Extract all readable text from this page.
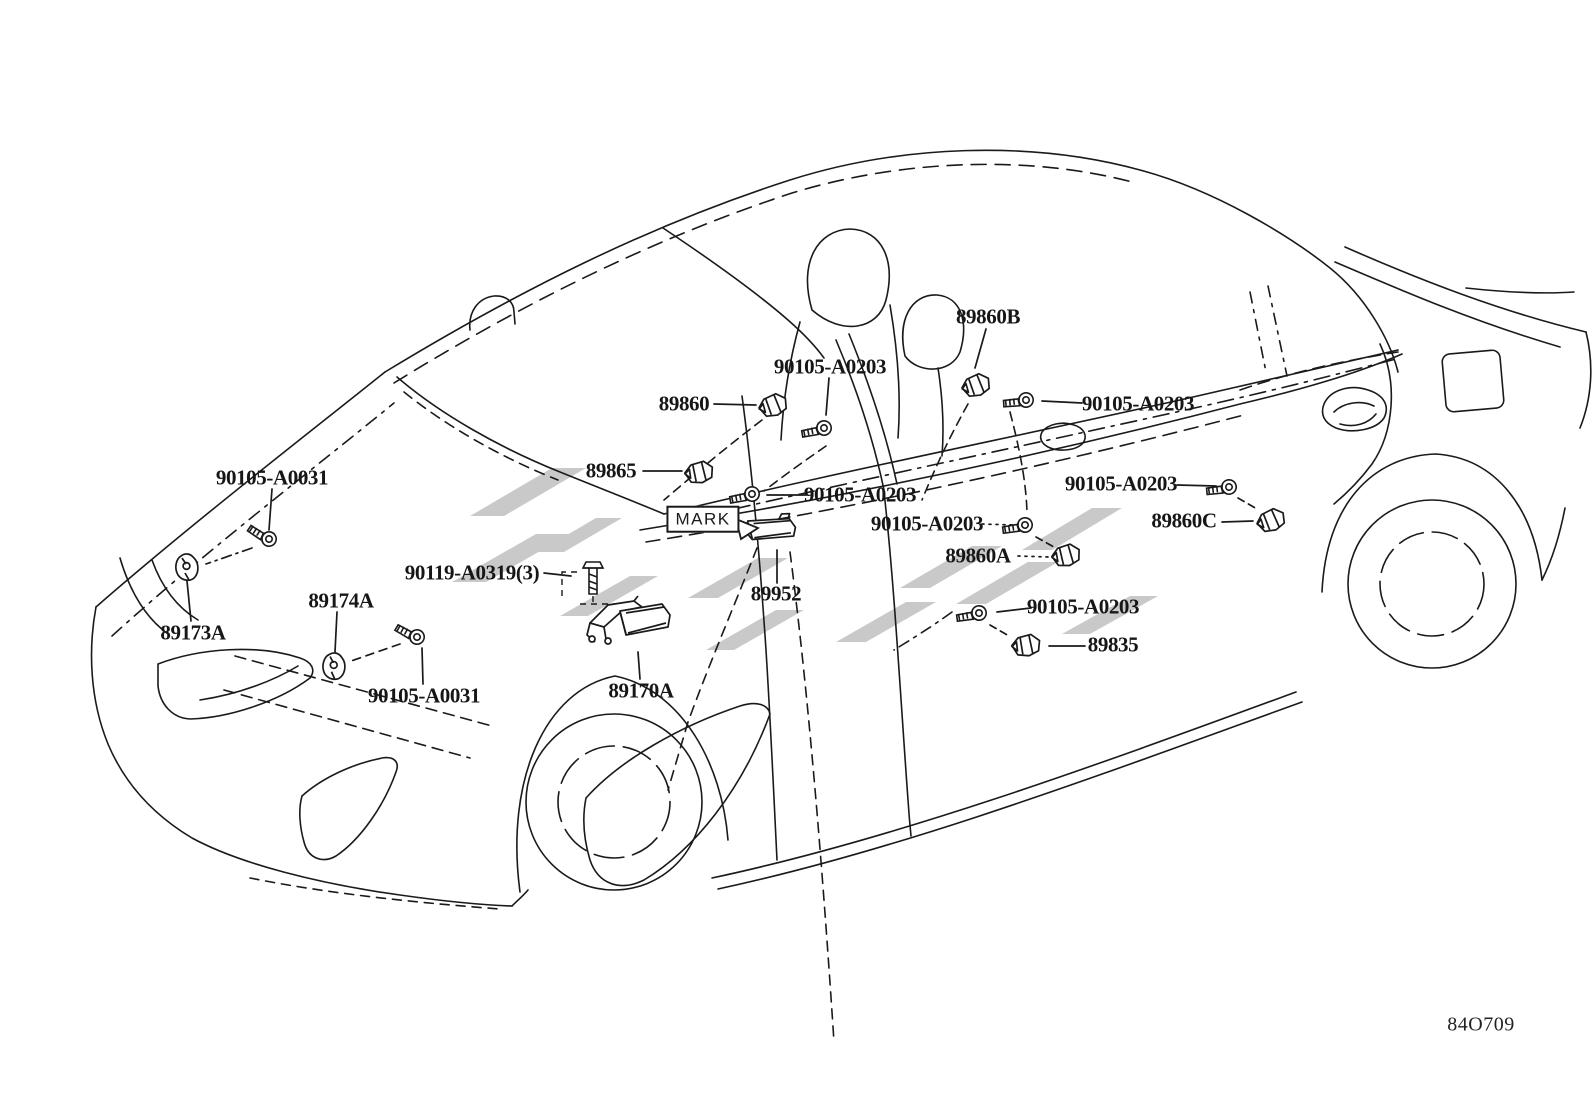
90105-A0031
89173A
89174A
90105-A0031
90119-A0319(3)
89170A
89865
89860
90105-A0203
89860B
90105-A0203
90105-A0203
89952
90105-A0203
89860A
90105-A0203
89860C
90105-A0203
89835
MARK
84O709
